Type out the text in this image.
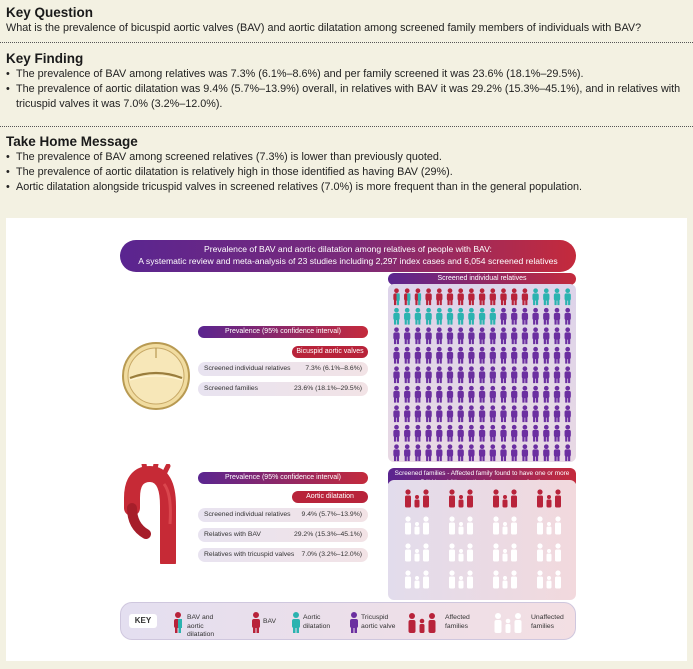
Key Question

What is the prevalence of bicuspid aortic valves (BAV) and aortic dilatation among screened family members of individuals with BAV?

Key Finding
• The prevalence of BAV among relatives was 7.3% (6.1%–8.6%) and per family screened it was 23.6% (18.1%–29.5%).
• The prevalence of aortic dilatation was 9.4% (5.7%–13.9%) overall, in relatives with BAV it was 29.2% (15.3%–45.1%), and in relatives with tricuspid valves it was 7.0% (3.2%–12.0%).
Take Home Message
• The prevalence of BAV among screened relatives (7.3%) is lower than previously quoted.
• The prevalence of aortic dilatation is relatively high in those identified as having BAV (29%).
• Aortic dilatation alongside tricuspid valves in screened relatives (7.0%) is more frequent than in the general population.
Prevalence of BAV and aortic dilatation among relatives of people with BAV:
A systematic review and meta-analysis of 23 studies including 2,297 index cases and 6,054 screened relatives
Prevalence (95% confidence interval)
Bicuspid aortic valves
Screened individual relatives 7.3% (6.1%–8.6%)
Screened families	23.6% (18.1%–29.5%)
Prevalence (95% confidence interval)
Aortic dilatation
Screened individual relatives 9.4% (5.7%–13.9%)
Relatives with BAV	29.2% (15.3%–45.1%)
Relatives with tricuspid valves 7.0% (3.2%–12.0%)
Screened individual relatives
Screened families - Affected family found to have one or more
KEY	BAV and aortic dilatation
BAV
Aortic dilatation
Tricuspid aortic valve
Affected families
Unaffected families
